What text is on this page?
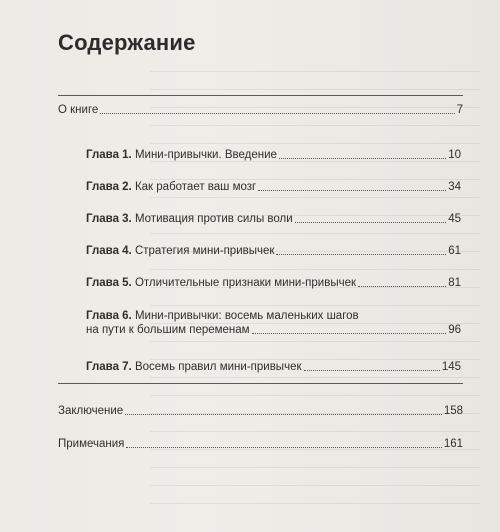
Содержание
О книге	7
Глава 1. Мини-привычки. Введение	10
Глава 2. Как работает ваш мозг	34
Глава 3. Мотивация против силы воли	45
Глава 4. Стратегия мини-привычек	61
Глава 5. Отличительные признаки мини-привычек	81
Глава 6. Мини-привычки: восемь маленьких шагов
на пути к большим переменам	96
Глава 7. Восемь правил мини-привычек	145
Заключение	158
Примечания	161
